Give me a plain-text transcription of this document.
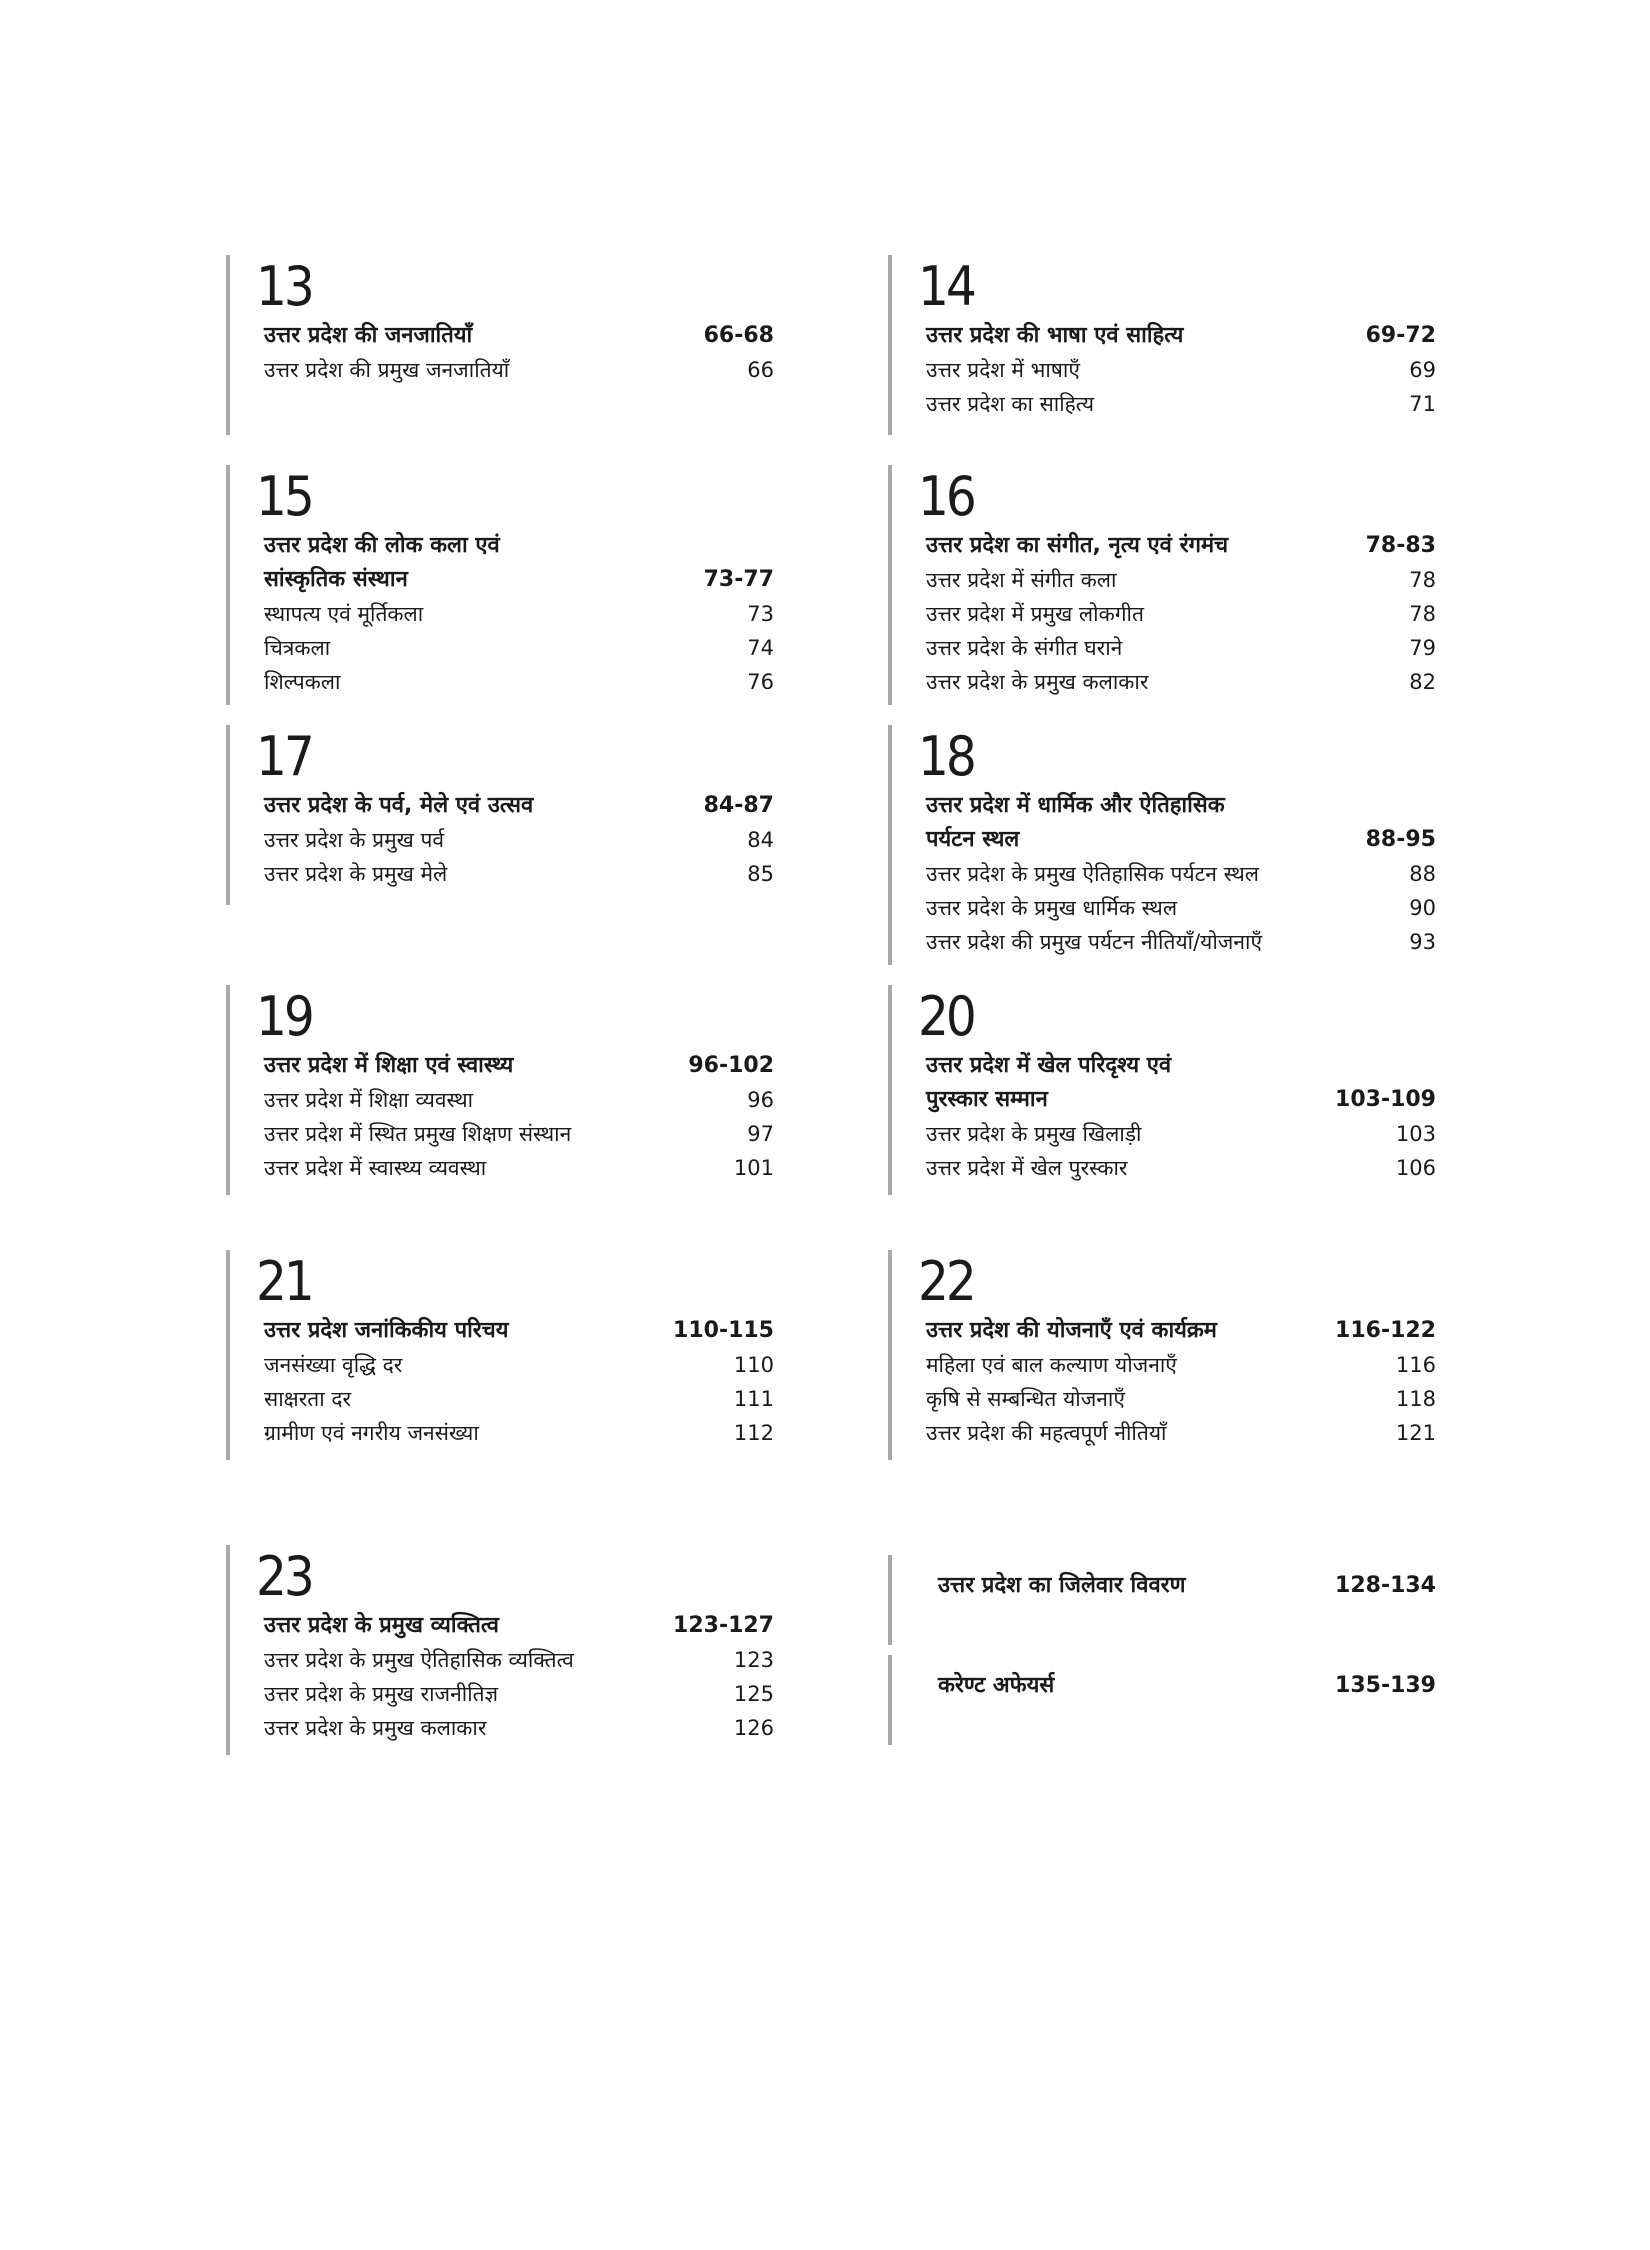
13
उत्तर प्रदेश की जनजातियाँ	66-68
उत्तर प्रदेश की प्रमुख जनजातियाँ	66
15
उत्तर प्रदेश की लोक कला एवं
सांस्कृतिक संस्थान	73-77
स्थापत्य एवं मूर्तिकला	73
चित्रकला	74
शिल्पकला	76
17
उत्तर प्रदेश के पर्व, मेले एवं उत्सव	84-87
उत्तर प्रदेश के प्रमुख पर्व	84
उत्तर प्रदेश के प्रमुख मेले	85
19
उत्तर प्रदेश में शिक्षा एवं स्वास्थ्य	96-102
उत्तर प्रदेश में शिक्षा व्यवस्था	96
उत्तर प्रदेश में स्थित प्रमुख शिक्षण संस्थान	97
उत्तर प्रदेश में स्वास्थ्य व्यवस्था	101
21
उत्तर प्रदेश जनांकिकीय परिचय	110-115
जनसंख्या वृद्धि दर	110
साक्षरता दर	111
ग्रामीण एवं नगरीय जनसंख्या	112
23
उत्तर प्रदेश के प्रमुख व्यक्तित्व	123-127
उत्तर प्रदेश के प्रमुख ऐतिहासिक व्यक्तित्व	123
उत्तर प्रदेश के प्रमुख राजनीतिज्ञ	125
उत्तर प्रदेश के प्रमुख कलाकार	126
14
उत्तर प्रदेश की भाषा एवं साहित्य	69-72
उत्तर प्रदेश में भाषाएँ	69
उत्तर प्रदेश का साहित्य	71
16
उत्तर प्रदेश का संगीत, नृत्य एवं रंगमंच	78-83
उत्तर प्रदेश में संगीत कला	78
उत्तर प्रदेश में प्रमुख लोकगीत	78
उत्तर प्रदेश के संगीत घराने	79
उत्तर प्रदेश के प्रमुख कलाकार	82
18
उत्तर प्रदेश में धार्मिक और ऐतिहासिक
पर्यटन स्थल	88-95
उत्तर प्रदेश के प्रमुख ऐतिहासिक पर्यटन स्थल	88
उत्तर प्रदेश के प्रमुख धार्मिक स्थल	90
उत्तर प्रदेश की प्रमुख पर्यटन नीतियाँ/योजनाएँ	93
20
उत्तर प्रदेश में खेल परिदृश्य एवं
पुरस्कार सम्मान	103-109
उत्तर प्रदेश के प्रमुख खिलाड़ी	103
उत्तर प्रदेश में खेल पुरस्कार	106
22
उत्तर प्रदेश की योजनाएँ एवं कार्यक्रम	116-122
महिला एवं बाल कल्याण योजनाएँ	116
कृषि से सम्बन्धित योजनाएँ	118
उत्तर प्रदेश की महत्वपूर्ण नीतियाँ	121
उत्तर प्रदेश का जिलेवार विवरण	128-134
करेण्ट अफेयर्स	135-139
